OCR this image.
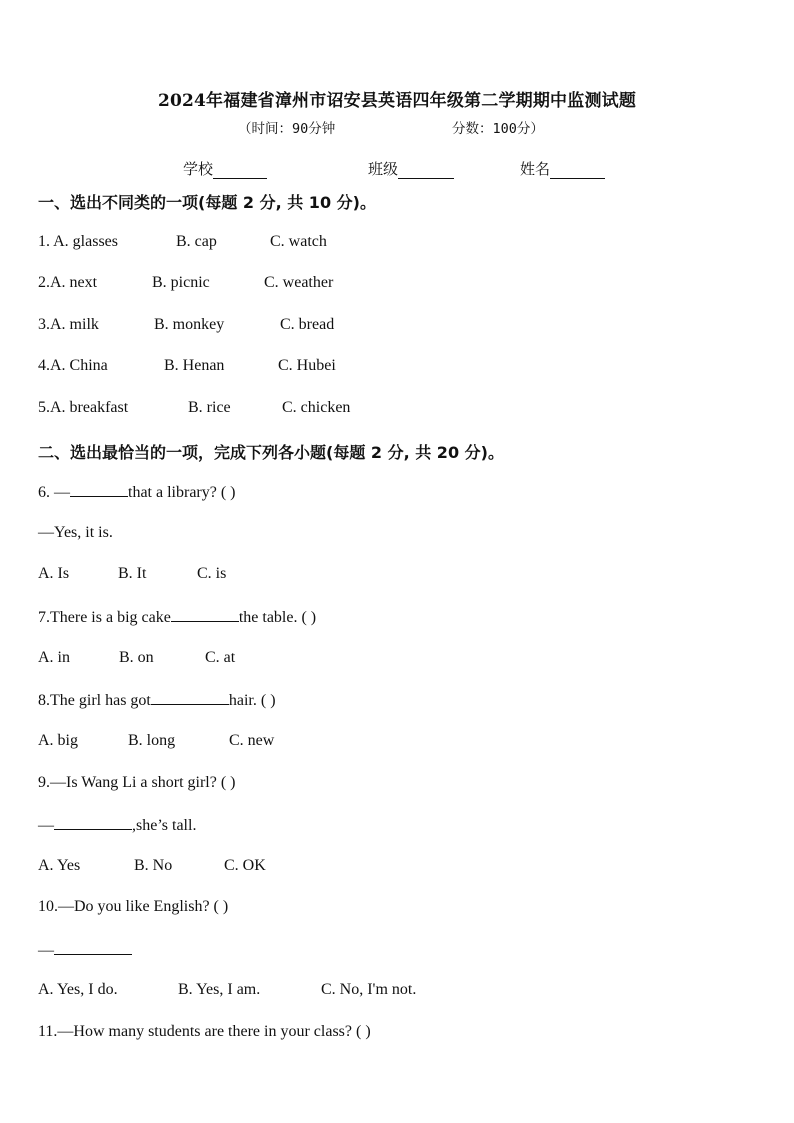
2024年福建省漳州市诏安县英语四年级第二学期期中监测试题
（时间：90分钟	分数：100分）
学校	班级	姓名
一、选出不同类的一项(每题 2 分, 共 10 分)。
1. A. glasses	B. cap	C. watch
2.A. next	B. picnic	C. weather
3.A. milk	B. monkey	C. bread
4.A. China	B. Henan	C. Hubei
5.A. breakfast	B. rice	C. chicken
二、选出最恰当的一项，完成下列各小题(每题 2 分, 共 20 分)。
6. —	that a library? ( )
—Yes, it is.
A. Is	B. It	C. is
7.There is a big cake	the table. ( )
A. in	B. on	C. at
8.The girl has got	hair. ( )
A. big	B. long	C. new
9.—Is Wang Li a short girl? ( )
—	,she’s tall.
A. Yes	B. No	C. OK
10.—Do you like English? ( )
—
A. Yes, I do.	B. Yes, I am.	C. No, I'm not.
11.—How many students are there in your class? ( )
